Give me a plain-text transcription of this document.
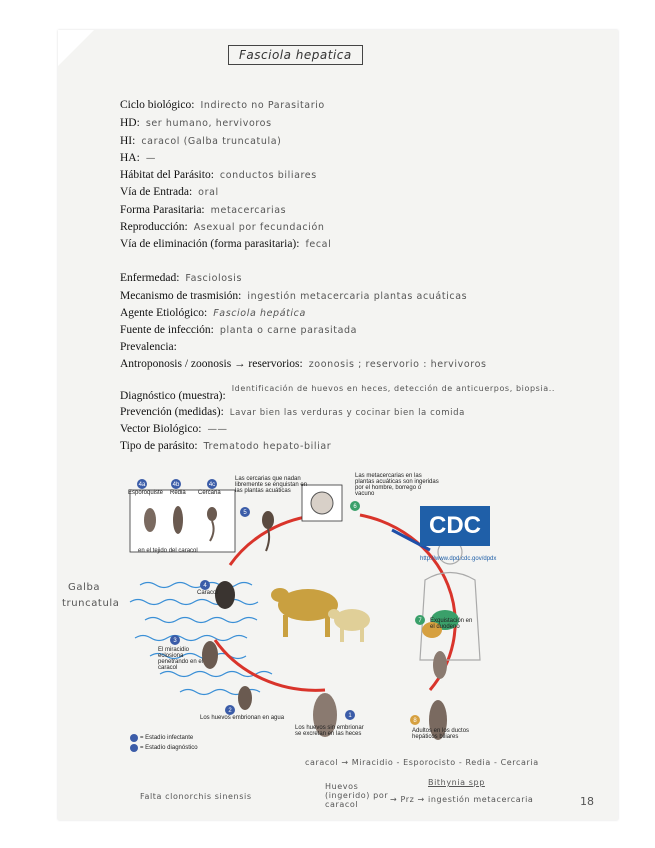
Fasciola hepatica
Ciclo biológico: Indirecto no Parasitario
HD: ser humano, hervivoros
HI: caracol (Galba truncatula)
HA: —
Hábitat del Parásito: conductos biliares
Vía de Entrada: oral
Forma Parasitaria: metacercarias
Reproducción: Asexual por fecundación
Vía de eliminación (forma parasitaria): fecal
Enfermedad: Fasciolosis
Mecanismo de trasmisión: ingestión metacercaria plantas acuáticas
Agente Etiológico: Fasciola hepática
Fuente de infección: planta o carne parasitada
Prevalencia:
Antroponosis / zoonosis → reservorios: zoonosis ; reservorio : hervivoros
Diagnóstico (muestra):Identificación de huevos en heces, detección de anticuerpos, biopsia..
Prevención (medidas): Lavar bien las verduras y cocinar bien la comida
Vector Biológico: ——
Tipo de parásito: Trematodo hepato-biliar
4a	4b	4c
5
6
4
3
2
1
7
8
Esporoquiste Redia Cercaria
en el tejido del caracol
Las cercarias que nadan libremente se enquistan en las plantas acuáticas
Las metacercarias en las plantas acuáticas son ingeridas por el hombre, borrego o vacuno
Caracol
El miracidio eclosiona penetrando en el caracol
Los huevos embrionan en agua
Los huevos sin embrionar se excretan en las heces
Exquistación en el duodeno
Adultos en los ductos hepáticos biliares
= Estadío infectante
= Estadío diagnóstico
CDC
http://www.dpd.cdc.gov/dpdx
Galba
truncatula
caracol → Miracidio - Esporocisto - Redia - Cercaria
Falta clonorchis sinensis
Huevos (ingerido) por caracol
Bithynia spp
→ Prz → ingestión metacercaria	18
